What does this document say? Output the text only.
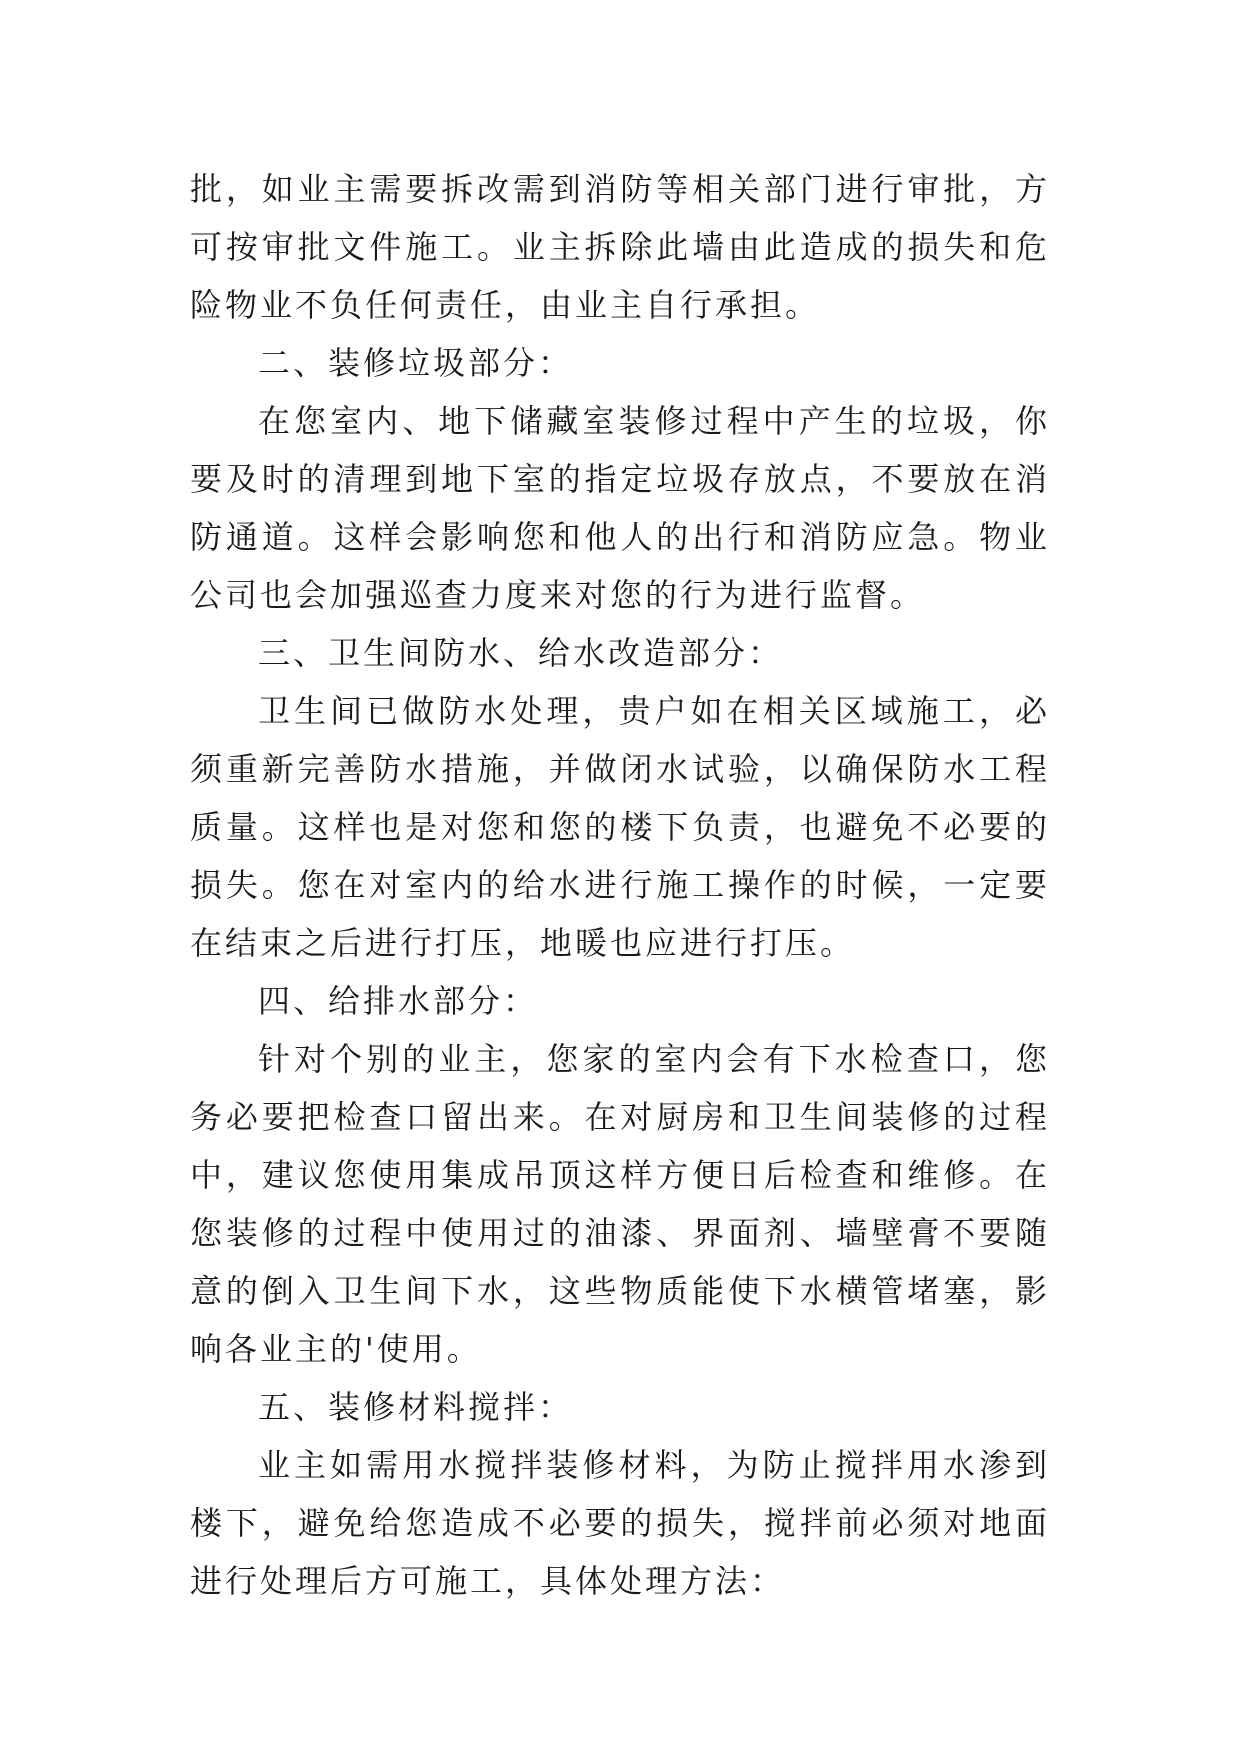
批，如业主需要拆改需到消防等相关部门进行审批，方可按审批文件施工。业主拆除此墙由此造成的损失和危险物业不负任何责任，由业主自行承担。

二、装修垃圾部分：

在您室内、地下储藏室装修过程中产生的垃圾，你要及时的清理到地下室的指定垃圾存放点，不要放在消防通道。这样会影响您和他人的出行和消防应急。物业公司也会加强巡查力度来对您的行为进行监督。

三、卫生间防水、给水改造部分：

卫生间已做防水处理，贵户如在相关区域施工，必须重新完善防水措施，并做闭水试验，以确保防水工程质量。这样也是对您和您的楼下负责，也避免不必要的损失。您在对室内的给水进行施工操作的时候，一定要在结束之后进行打压，地暖也应进行打压。

四、给排水部分：

针对个别的业主，您家的室内会有下水检查口，您务必要把检查口留出来。在对厨房和卫生间装修的过程中，建议您使用集成吊顶这样方便日后检查和维修。在您装修的过程中使用过的油漆、界面剂、墙壁膏不要随意的倒入卫生间下水，这些物质能使下水横管堵塞，影响各业主的'使用。

五、装修材料搅拌：

业主如需用水搅拌装修材料，为防止搅拌用水渗到楼下，避免给您造成不必要的损失，搅拌前必须对地面进行处理后方可施工，具体处理方法：
